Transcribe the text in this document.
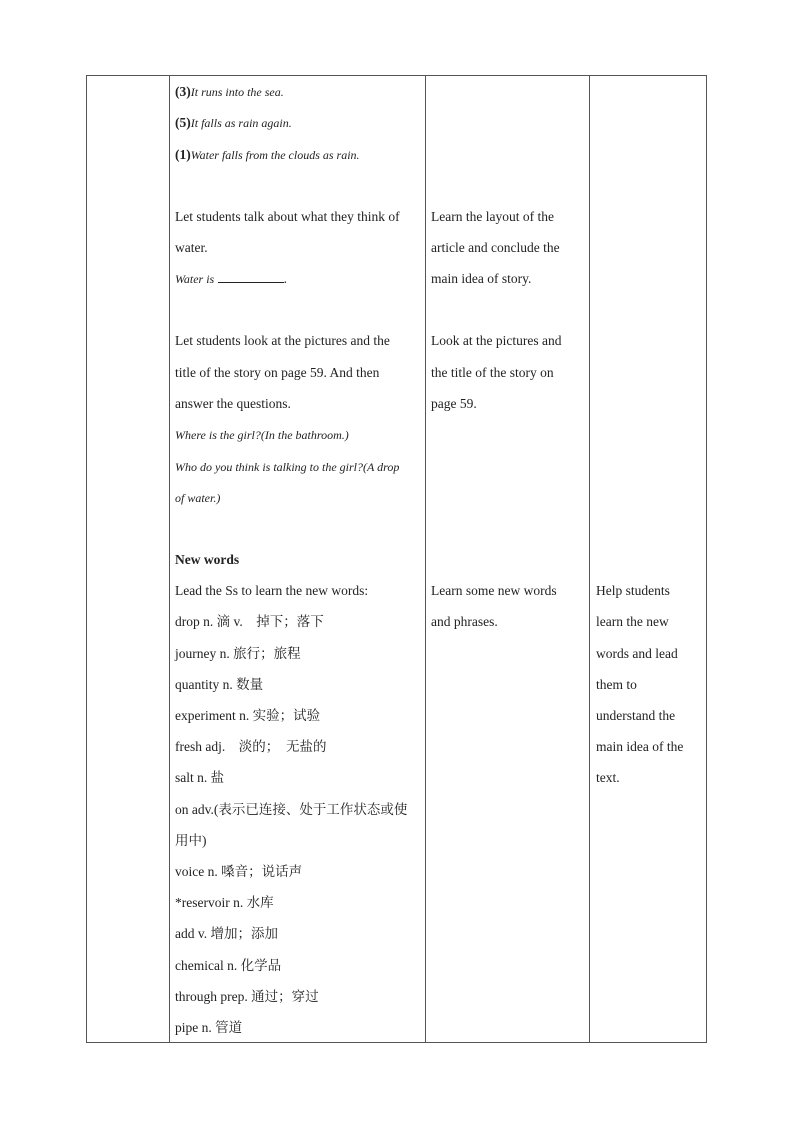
(3)It runs into the sea.
(5)It falls as rain again.
(1)Water falls from the clouds as rain.
Let students talk about what they think of
water.
Water is	.
Let students look at the pictures and the
title of the story on page 59. And then
answer the questions.
Where is the girl?(In the bathroom.)
Who do you think is talking to the girl?(A drop
of water.)
New words
Lead the Ss to learn the new words:
drop n. 滴 v.　掉下；落下
journey n. 旅行；旅程
quantity n. 数量
experiment n. 实验；试验
fresh adj.　淡的；　无盐的
salt n. 盐
on adv.(表示已连接、处于工作状态或使
用中)
voice n. 嗓音；说话声
*reservoir n. 水库
add v. 增加；添加
chemical n. 化学品
through prep. 通过；穿过
pipe n. 管道
Learn the layout of the
article and conclude the
main idea of story.
Look at the pictures and
the title of the story on
page 59.
Learn some new words
and phrases.
Help students
learn the new
words and lead
them to
understand the
main idea of the
text.
